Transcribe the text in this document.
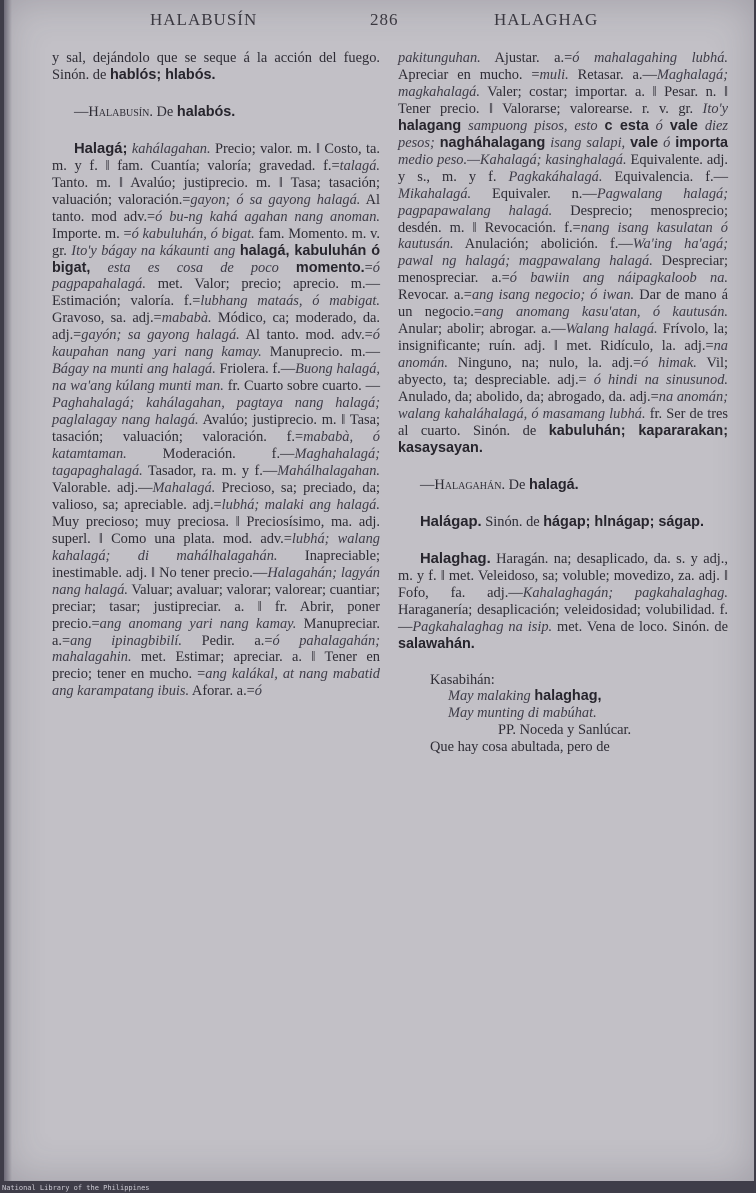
HALABUSÍN	286	HALAGHAG

y sal, dejándolo que se seque á la acción del fuego. Sinón. de hablós; hlabós.

—Halabusín. De halabós.

Halagá; kahálagahan. Precio; valor. m. ‖ Costo, ta. m. y f. ‖ fam. Cuantía; valoría; gravedad. f.=talagá. Tanto. m. ‖ Avalúo; justiprecio. m. ‖ Tasa; tasación; valuación; valoración.=gayon; ó sa gayong halagá. Al tanto. mod adv.=ó bu-ng kahá agahan nang anoman. Importe. m. =ó kabuluhán, ó bigat. fam. Momento. m. v. gr. Ito'y bágay na kákaunti ang halagá, kabuluhán ó bigat, esta es cosa de poco momento.=ó pagpapahalagá. met. Valor; precio; aprecio. m.—Estimación; valoría. f.=lubhang mataás, ó mabigat. Gravoso, sa. adj.=mababà. Módico, ca; moderado, da. adj.=gayón; sa gayong halagá. Al tanto. mod. adv.=ó kaupahan nang yari nang kamay. Manuprecio. m.—Bágay na munti ang halagá. Friolera. f.—Buong halagá, na wa'ang kúlang munti man. fr. Cuarto sobre cuarto. —Paghahalagá; kahálagahan, pagtaya nang halagá; paglalagay nang halagá. Avalúo; justiprecio. m. ‖ Tasa; tasación; valuación; valoración. f.=mababà, ó katamtaman. Moderación. f.—Maghahalagá; tagapaghalagá. Tasador, ra. m. y f.—Mahálhalagahan. Valorable. adj.—Mahalagá. Precioso, sa; preciado, da; valioso, sa; apreciable. adj.=lubhá; malaki ang halagá. Muy precioso; muy preciosa. ‖ Preciosísimo, ma. adj. superl. ‖ Como una plata. mod. adv.=lubhá; walang kahalagá; di mahálhalagahán. Inapreciable; inestimable. adj. ‖ No tener precio.—Halagahán; lagyán nang halagá. Valuar; avaluar; valorar; valorear; cuantiar; preciar; tasar; justipreciar. a. ‖ fr. Abrir, poner precio.=ang anomang yari nang kamay. Manupreciar. a.=ang ipinagbibilí. Pedir. a.=ó pahalagahán; mahalagahin. met. Estimar; apreciar. a. ‖ Tener en precio; tener en mucho. =ang kalákal, at nang mabatid ang karampatang ibuis. Aforar. a.=ó

pakitunguhan. Ajustar. a.=ó mahalagahing lubhá. Apreciar en mucho. =muli. Retasar. a.—Maghalagá; magkahalagá. Valer; costar; importar. a. ‖ Pesar. n. ‖ Tener precio. ‖ Valorarse; valorearse. r. v. gr. Ito'y halagang sampuong pisos, esto c esta ó vale diez pesos; nagháhalagang isang salapi, vale ó importa medio peso.—Kahalagá; kasinghalagá. Equivalente. adj. y s., m. y f. Pagkakáhalagá. Equivalencia. f.—Mikahalagá. Equivaler. n.—Pagwalang halagá; pagpapawalang halagá. Desprecio; menosprecio; desdén. m. ‖ Revocación. f.=nang isang kasulatan ó kautusán. Anulación; abolición. f.—Wa'ing ha'agá; pawal ng halagá; magpawalang halagá. Despreciar; menospreciar. a.=ó bawiin ang náipagkaloob na. Revocar. a.=ang isang negocio; ó iwan. Dar de mano á un negocio.=ang anomang kasu'atan, ó kautusán. Anular; abolir; abrogar. a.—Walang halagá. Frívolo, la; insignificante; ruín. adj. ‖ met. Ridículo, la. adj.=na anomán. Ninguno, na; nulo, la. adj.=ó himak. Vil; abyecto, ta; despreciable. adj.= ó hindi na sinusunod. Anulado, da; abolido, da; abrogado, da. adj.=na anomán; walang kahaláhalagá, ó masamang lubhá. fr. Ser de tres al cuarto. Sinón. de kabuluhán; kapararakan; kasaysayan.

—Halagahán. De halagá.

Halágap. Sinón. de hágap; hlnágap; ságap.

Halaghag. Haragán. na; desaplicado, da. s. y adj., m. y f. ‖ met. Veleidoso, sa; voluble; movedizo, za. adj. ‖ Fofo, fa. adj.—Kahalaghagán; pagkahalaghag. Haraganería; desaplicación; veleidosidad; volubilidad. f.—Pagkahalaghag na isip. met. Vena de loco. Sinón. de salawahán.

Kasabihán:
May malaking halaghag,
May munting di mabúhat.
PP. Noceda y Sanlúcar.
Que hay cosa abultada, pero de
National Library of the Philippines
